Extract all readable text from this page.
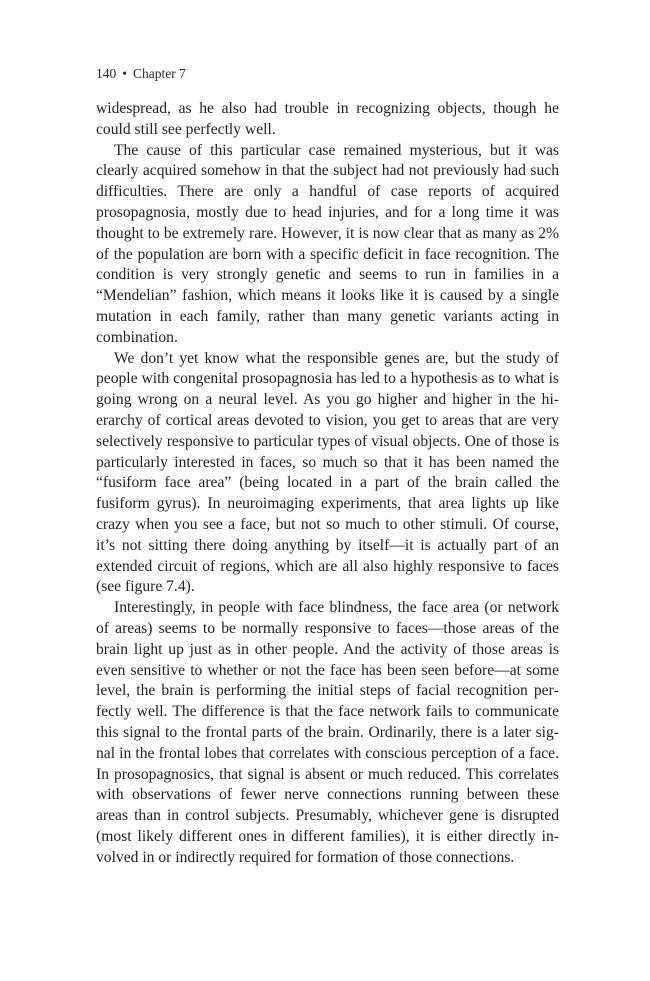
140 • Chapter 7

widespread, as he also had trouble in recognizing objects, though he could still see perfectly well.

The cause of this particular case remained mysterious, but it was clearly acquired somehow in that the subject had not previously had such difficulties. There are only a handful of case reports of acquired prosopagnosia, mostly due to head injuries, and for a long time it was thought to be extremely rare. However, it is now clear that as many as 2% of the population are born with a specific deficit in face recognition. The condition is very strongly genetic and seems to run in families in a “Mendelian” fashion, which means it looks like it is caused by a single mutation in each family, rather than many genetic variants acting in combination.

We don’t yet know what the responsible genes are, but the study of people with congenital prosopagnosia has led to a hypothesis as to what is going wrong on a neural level. As you go higher and higher in the hierarchy of cortical areas devoted to vision, you get to areas that are very selectively responsive to particular types of visual objects. One of those is particularly interested in faces, so much so that it has been named the “fusiform face area” (being located in a part of the brain called the fusiform gyrus). In neuroimaging experiments, that area lights up like crazy when you see a face, but not so much to other stimuli. Of course, it’s not sitting there doing anything by itself—it is actually part of an extended circuit of regions, which are all also highly responsive to faces (see figure 7.4).

Interestingly, in people with face blindness, the face area (or network of areas) seems to be normally responsive to faces—those areas of the brain light up just as in other people. And the activity of those areas is even sensitive to whether or not the face has been seen before—at some level, the brain is performing the initial steps of facial recognition perfectly well. The difference is that the face network fails to communicate this signal to the frontal parts of the brain. Ordinarily, there is a later signal in the frontal lobes that correlates with conscious perception of a face. In prosopagnosics, that signal is absent or much reduced. This correlates with observations of fewer nerve connections running between these areas than in control subjects. Presumably, whichever gene is disrupted (most likely different ones in different families), it is either directly involved in or indirectly required for formation of those connections.
